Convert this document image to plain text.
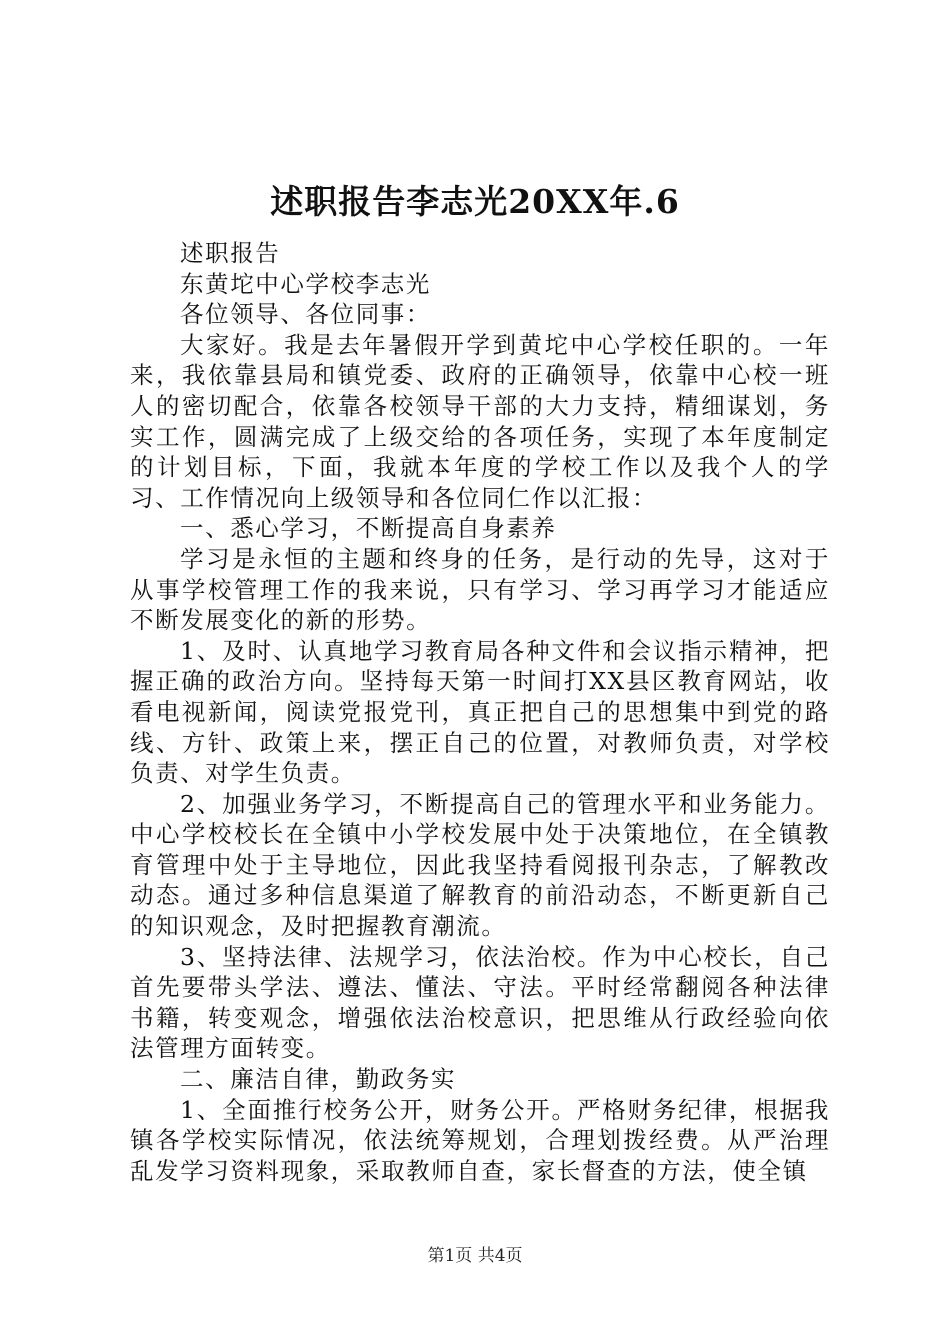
述职报告李志光20XX年.6

述职报告

东黄坨中心学校李志光

各位领导、各位同事：

大家好。我是去年暑假开学到黄坨中心学校任职的。一年来，我依靠县局和镇党委、政府的正确领导，依靠中心校一班人的密切配合，依靠各校领导干部的大力支持，精细谋划，务实工作，圆满完成了上级交给的各项任务，实现了本年度制定的计划目标，下面，我就本年度的学校工作以及我个人的学习、工作情况向上级领导和各位同仁作以汇报：

一、悉心学习，不断提高自身素养

学习是永恒的主题和终身的任务，是行动的先导，这对于从事学校管理工作的我来说，只有学习、学习再学习才能适应不断发展变化的新的形势。

1、及时、认真地学习教育局各种文件和会议指示精神，把握正确的政治方向。坚持每天第一时间打XX县区教育网站，收看电视新闻，阅读党报党刊，真正把自己的思想集中到党的路线、方针、政策上来，摆正自己的位置，对教师负责，对学校负责、对学生负责。

2、加强业务学习，不断提高自己的管理水平和业务能力。中心学校校长在全镇中小学校发展中处于决策地位，在全镇教育管理中处于主导地位，因此我坚持看阅报刊杂志，了解教改动态。通过多种信息渠道了解教育的前沿动态，不断更新自己的知识观念，及时把握教育潮流。

3、坚持法律、法规学习，依法治校。作为中心校长，自己首先要带头学法、遵法、懂法、守法。平时经常翻阅各种法律书籍，转变观念，增强依法治校意识，把思维从行政经验向依法管理方面转变。

二、廉洁自律，勤政务实

1、全面推行校务公开，财务公开。严格财务纪律，根据我镇各学校实际情况，依法统筹规划，合理划拨经费。从严治理乱发学习资料现象，采取教师自查，家长督查的方法，使全镇

第1页 共4页
